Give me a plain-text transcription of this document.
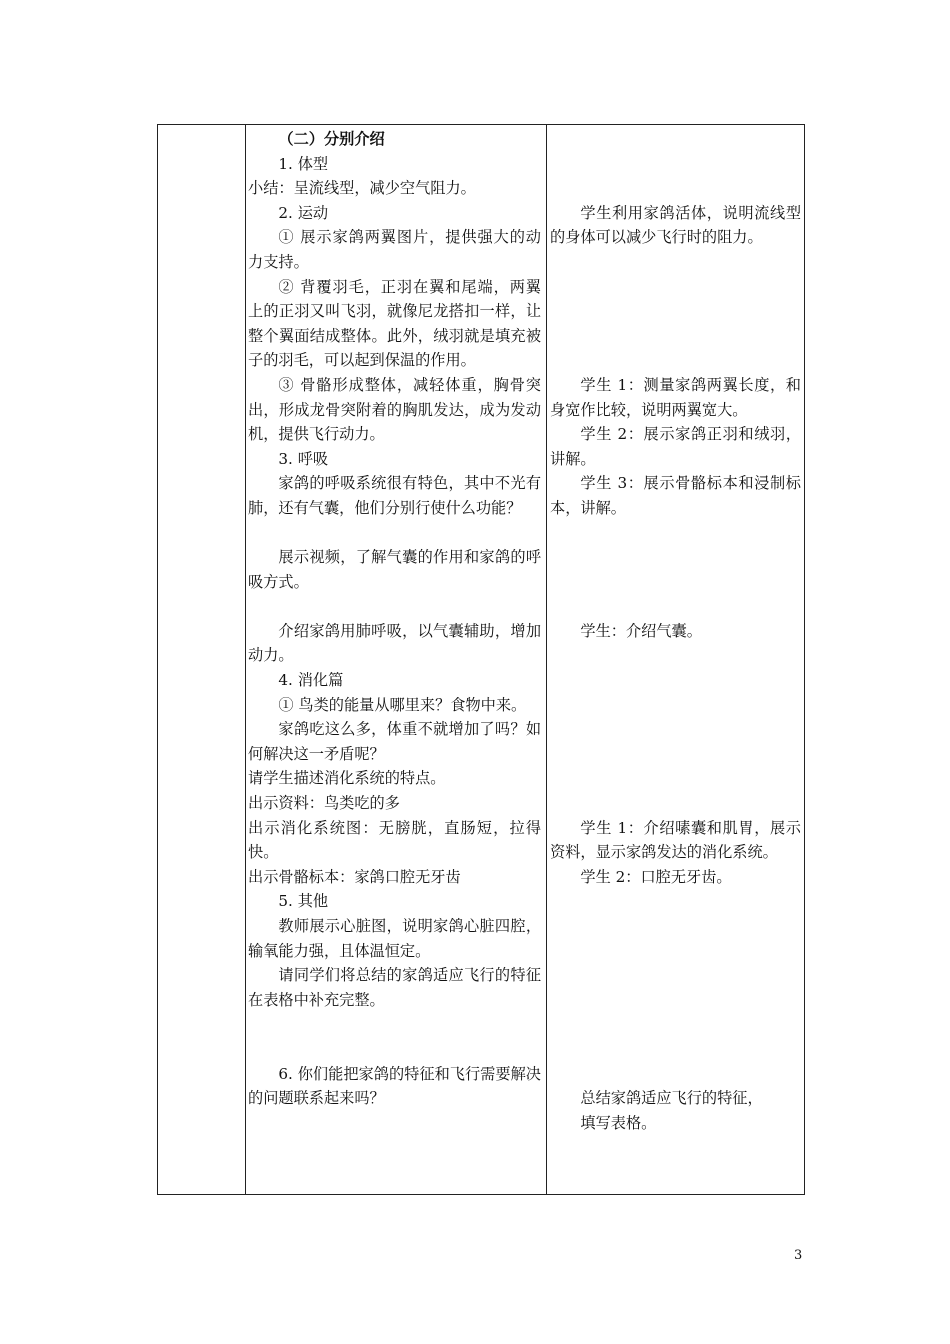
（二）分别介绍

1. 体型

小结：呈流线型，减少空气阻力。

2. 运动

① 展示家鸽两翼图片，提供强大的动力支持。

② 背覆羽毛，正羽在翼和尾端，两翼上的正羽又叫飞羽，就像尼龙搭扣一样，让整个翼面结成整体。此外，绒羽就是填充被子的羽毛，可以起到保温的作用。

③ 骨骼形成整体，减轻体重，胸骨突出，形成龙骨突附着的胸肌发达，成为发动机，提供飞行动力。

3. 呼吸

家鸽的呼吸系统很有特色，其中不光有肺，还有气囊，他们分别行使什么功能？

展示视频，了解气囊的作用和家鸽的呼吸方式。

介绍家鸽用肺呼吸，以气囊辅助，增加动力。

4. 消化篇

① 鸟类的能量从哪里来？食物中来。

家鸽吃这么多，体重不就增加了吗？如何解决这一矛盾呢？

请学生描述消化系统的特点。

出示资料：鸟类吃的多

出示消化系统图：无膀胱，直肠短，拉得快。

出示骨骼标本：家鸽口腔无牙齿

5. 其他

教师展示心脏图，说明家鸽心脏四腔，输氧能力强，且体温恒定。

请同学们将总结的家鸽适应飞行的特征在表格中补充完整。

6. 你们能把家鸽的特征和飞行需要解决的问题联系起来吗？

学生利用家鸽活体，说明流线型的身体可以减少飞行时的阻力。

学生 1：测量家鸽两翼长度，和身宽作比较，说明两翼宽大。

学生 2：展示家鸽正羽和绒羽，讲解。

学生 3：展示骨骼标本和浸制标本，讲解。

学生：介绍气囊。

学生 1：介绍嗉囊和肌胃，展示资料，显示家鸽发达的消化系统。

学生 2：口腔无牙齿。

总结家鸽适应飞行的特征，

填写表格。

3
